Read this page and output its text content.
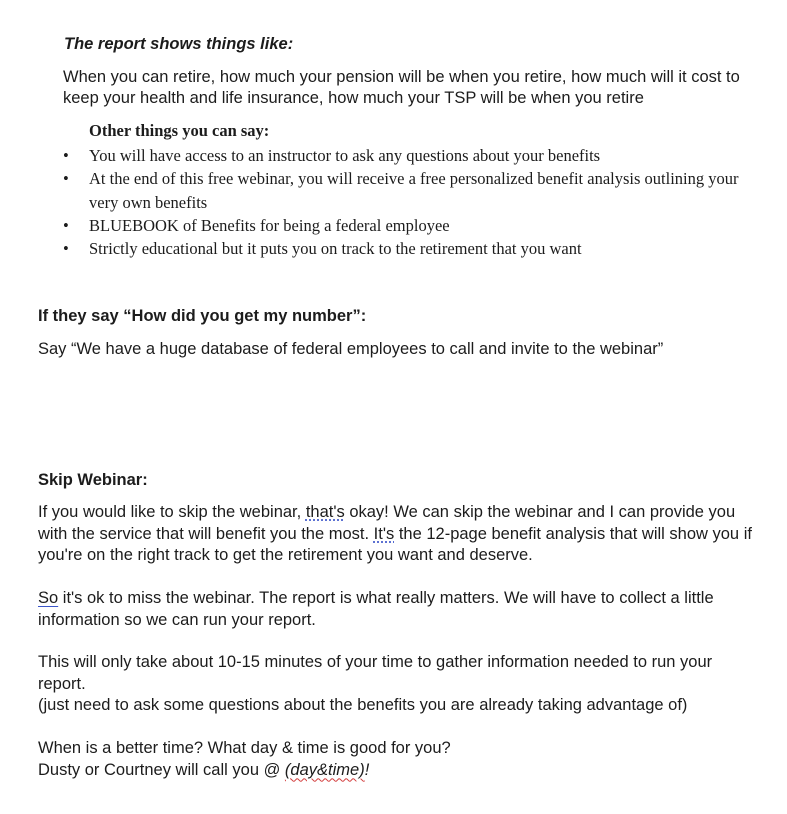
The report shows things like:

When you can retire, how much your pension will be when you retire, how much will it cost to keep your health and life insurance, how much your TSP will be when you retire

Other things you can say:

• You will have access to an instructor to ask any questions about your benefits
• At the end of this free webinar, you will receive a free personalized benefit analysis outlining your very own benefits
• BLUEBOOK of Benefits for being a federal employee
• Strictly educational but it puts you on track to the retirement that you want

If they say “How did you get my number”:

Say “We have a huge database of federal employees to call and invite to the webinar”

Skip Webinar:

If you would like to skip the webinar, that's okay! We can skip the webinar and I can provide you with the service that will benefit you the most. It's the 12-page benefit analysis that will show you if you're on the right track to get the retirement you want and deserve.

So it's ok to miss the webinar. The report is what really matters. We will have to collect a little information so we can run your report.

This will only take about 10-15 minutes of your time to gather information needed to run your report.
(just need to ask some questions about the benefits you are already taking advantage of)

When is a better time? What day & time is good for you?
Dusty or Courtney will call you @ (day&time)!
